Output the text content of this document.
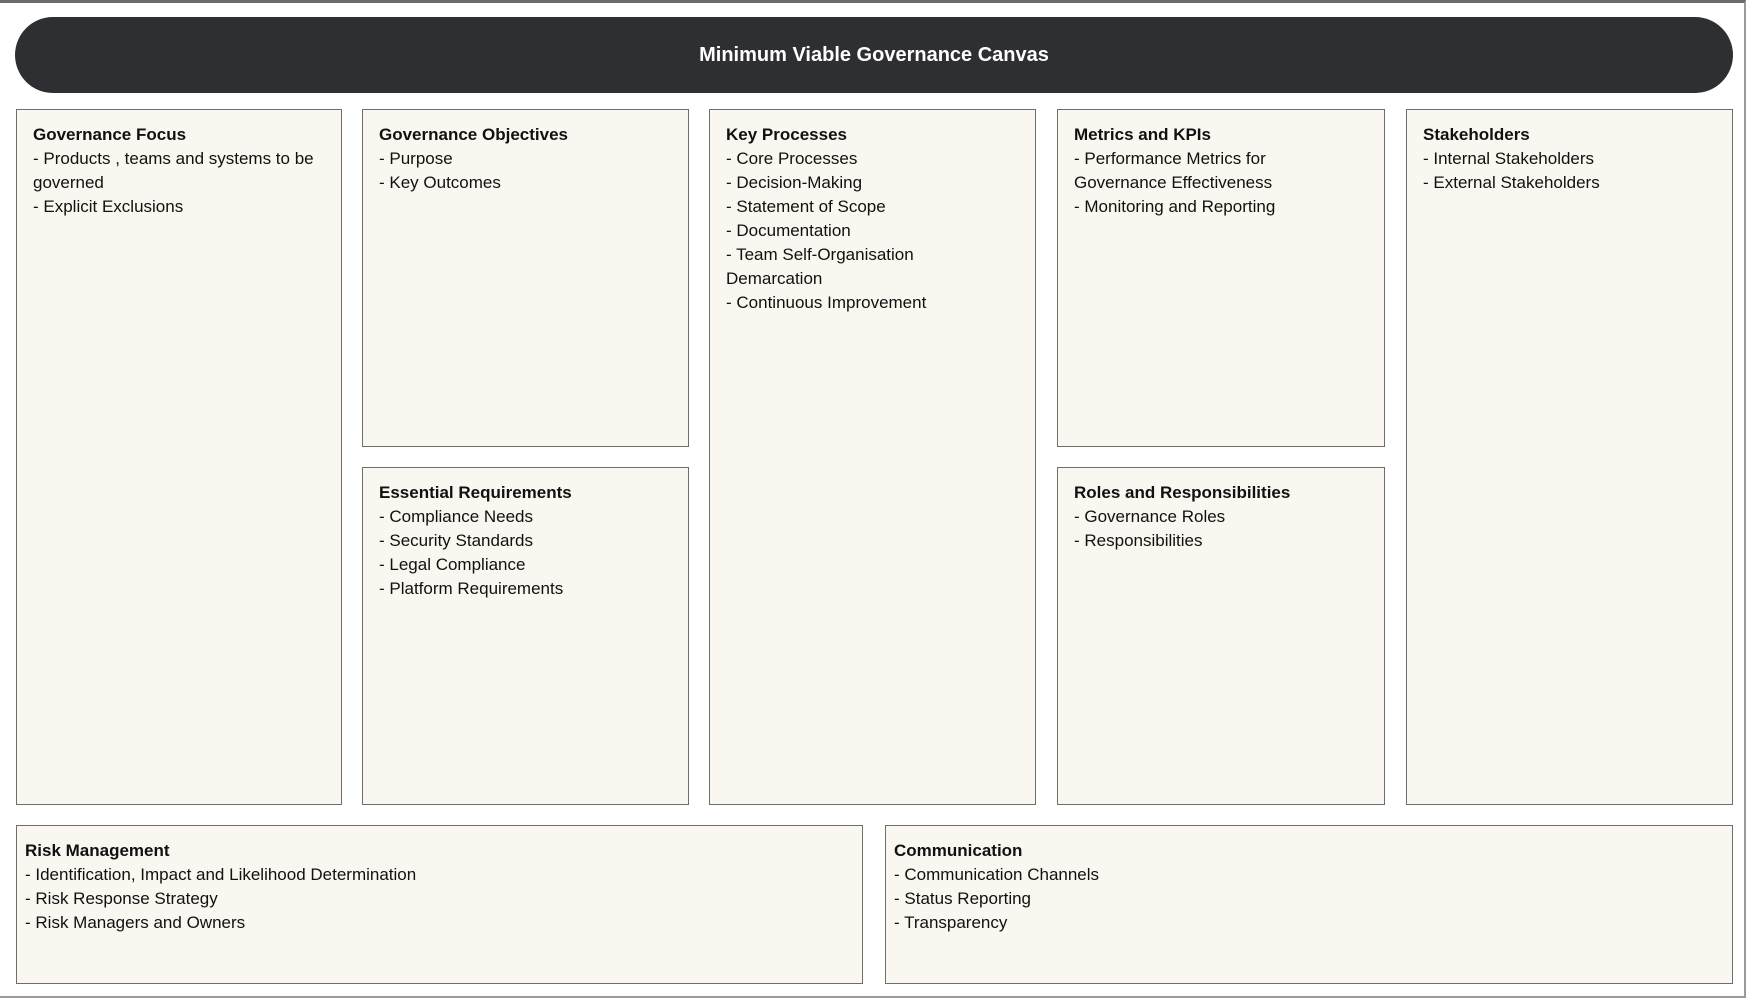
Minimum Viable Governance Canvas
Governance Focus
- Products , teams and systems to be governed
- Explicit Exclusions
Governance Objectives
- Purpose
- Key Outcomes
Essential Requirements
- Compliance Needs
- Security Standards
- Legal Compliance
- Platform Requirements
Key Processes
- Core Processes
- Decision-Making
- Statement of Scope
- Documentation
- Team Self-Organisation Demarcation
- Continuous Improvement
Metrics and KPIs
- Performance Metrics for Governance Effectiveness
- Monitoring and Reporting
Roles and Responsibilities
- Governance Roles
- Responsibilities
Stakeholders
- Internal Stakeholders
- External Stakeholders
Risk Management
- Identification, Impact and Likelihood Determination
- Risk Response Strategy
- Risk Managers and Owners
Communication
- Communication Channels
- Status Reporting
- Transparency
